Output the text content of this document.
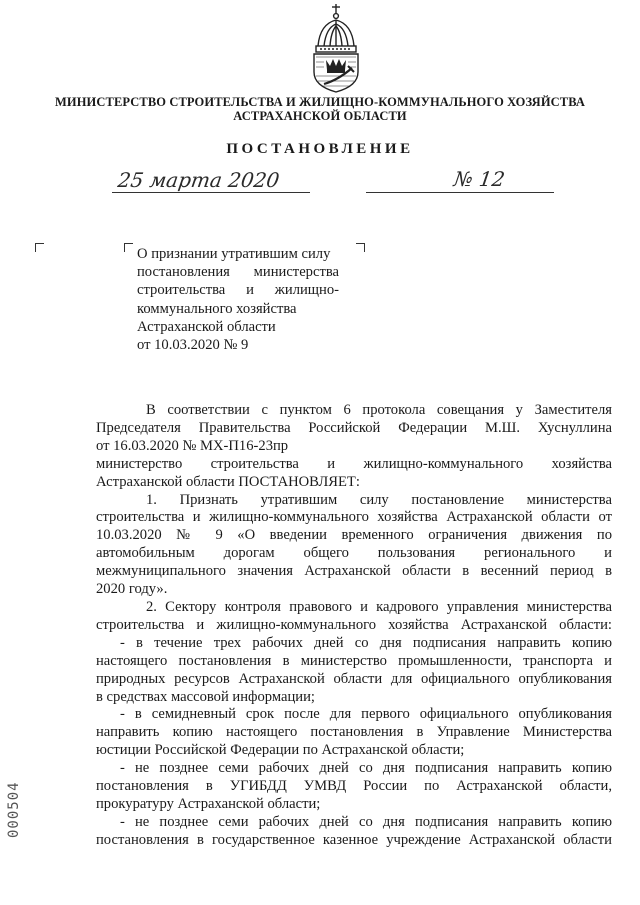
МИНИСТЕРСТВО СТРОИТЕЛЬСТВА И ЖИЛИЩНО-КОММУНАЛЬНОГО ХОЗЯЙСТВА
АСТРАХАНСКОЙ ОБЛАСТИ
ПОСТАНОВЛЕНИЕ
25 марта 2020	№ 12
О признании утратившим силу
постановления министерства
строительства и жилищно-
коммунального хозяйства
Астраханской области
от 10.03.2020 № 9
В соответствии с пунктом 6 протокола совещания у Заместителя
Председателя Правительства Российской Федерации М.Ш. Хуснуллина
от 16.03.2020 № МХ-П16-23пр
министерство строительства и жилищно-коммунального хозяйства
Астраханской области ПОСТАНОВЛЯЕТ:
1. Признать утратившим силу постановление министерства
строительства и жилищно-коммунального хозяйства Астраханской области от
10.03.2020 № 9 «О введении временного ограничения движения по
автомобильным дорогам общего пользования регионального и
межмуниципального значения Астраханской области в весенний период в
2020 году».
2. Сектору контроля правового и кадрового управления министерства
строительства и жилищно-коммунального хозяйства Астраханской области:
- в течение трех рабочих дней со дня подписания направить копию
настоящего постановления в министерство промышленности, транспорта и
природных ресурсов Астраханской области для официального опубликования
в средствах массовой информации;
- в семидневный срок после для первого официального опубликования
направить копию настоящего постановления в Управление Министерства
юстиции Российской Федерации по Астраханской области;
- не позднее семи рабочих дней со дня подписания направить копию
постановления в УГИБДД УМВД России по Астраханской области,
прокуратуру Астраханской области;
- не позднее семи рабочих дней со дня подписания направить копию
постановления в государственное казенное учреждение Астраханской области
000504
